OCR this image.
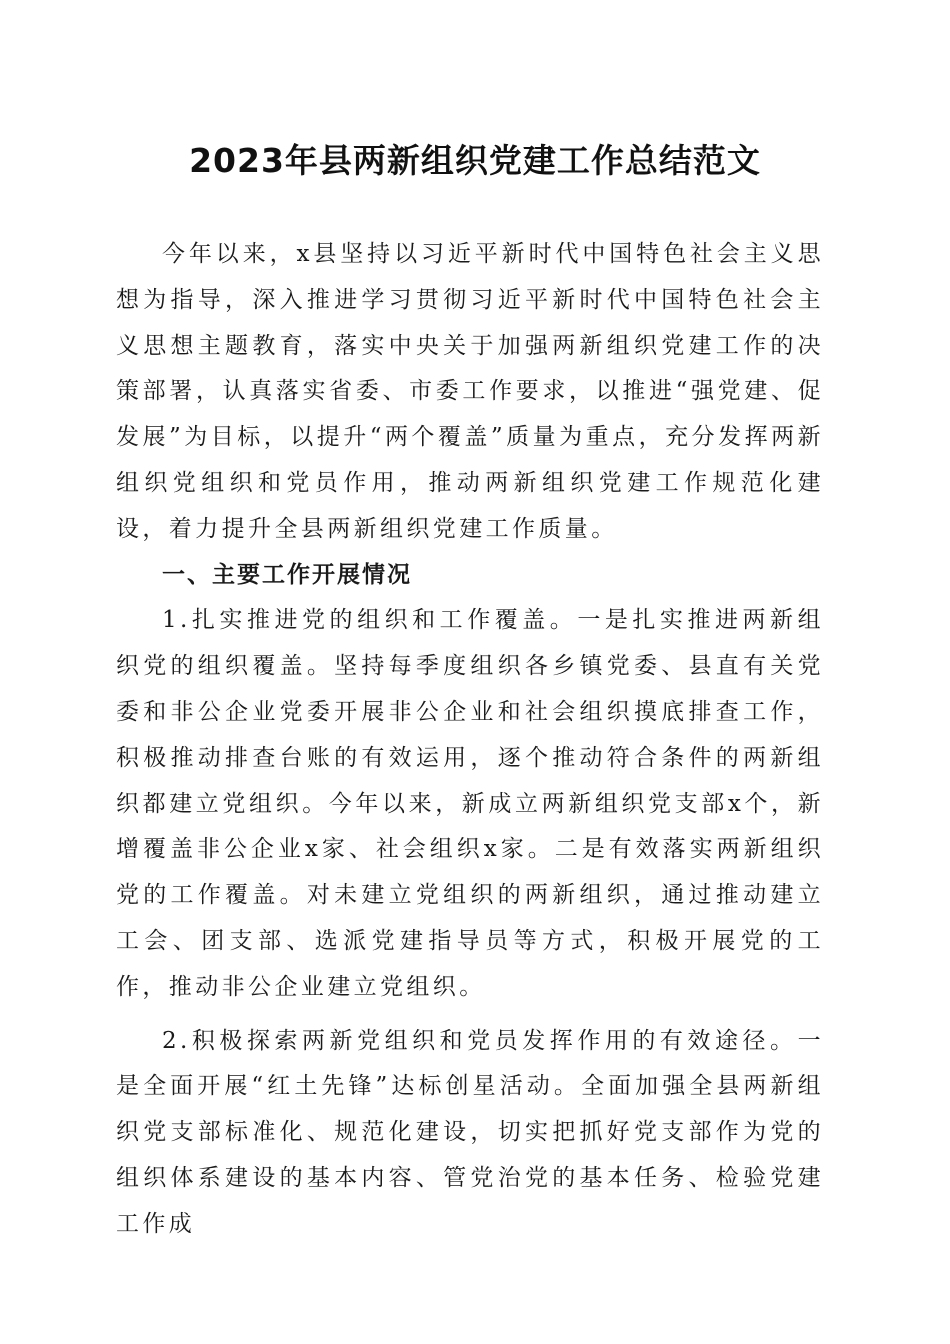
2023年县两新组织党建工作总结范文

今年以来，x县坚持以习近平新时代中国特色社会主义思想为指导，深入推进学习贯彻习近平新时代中国特色社会主义思想主题教育，落实中央关于加强两新组织党建工作的决策部署，认真落实省委、市委工作要求，以推进“强党建、促发展”为目标，以提升“两个覆盖”质量为重点，充分发挥两新组织党组织和党员作用，推动两新组织党建工作规范化建设，着力提升全县两新组织党建工作质量。

一、主要工作开展情况

1.扎实推进党的组织和工作覆盖。一是扎实推进两新组织党的组织覆盖。坚持每季度组织各乡镇党委、县直有关党委和非公企业党委开展非公企业和社会组织摸底排查工作，积极推动排查台账的有效运用，逐个推动符合条件的两新组织都建立党组织。今年以来，新成立两新组织党支部x个，新增覆盖非公企业x家、社会组织x家。二是有效落实两新组织党的工作覆盖。对未建立党组织的两新组织，通过推动建立工会、团支部、选派党建指导员等方式，积极开展党的工作，推动非公企业建立党组织。

2.积极探索两新党组织和党员发挥作用的有效途径。一是全面开展“红土先锋”达标创星活动。全面加强全县两新组织党支部标准化、规范化建设，切实把抓好党支部作为党的组织体系建设的基本内容、管党治党的基本任务、检验党建工作成
